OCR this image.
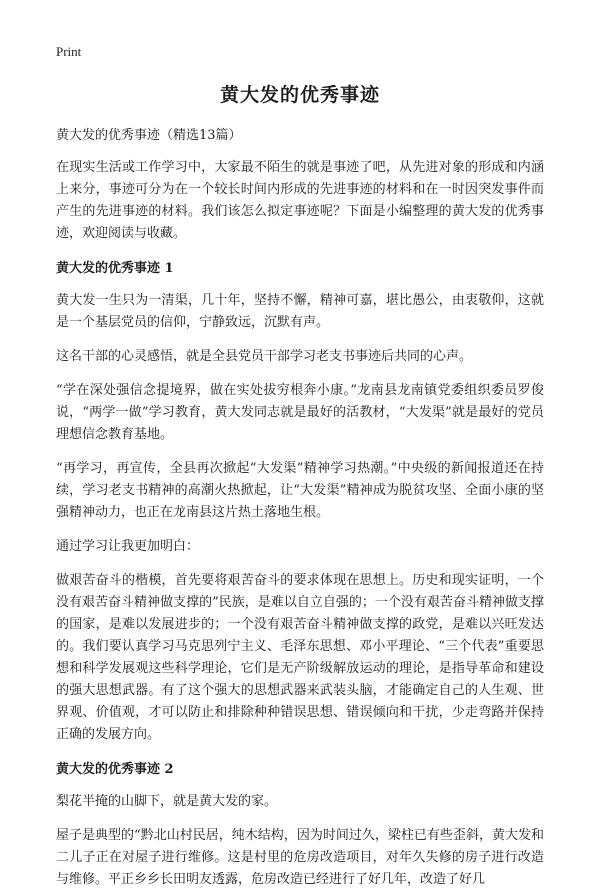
Print
黄大发的优秀事迹
黄大发的优秀事迹（精选13篇）

在现实生活或工作学习中，大家最不陌生的就是事迹了吧，从先进对象的形成和内涵上来分，事迹可分为在一个较长时间内形成的先进事迹的材料和在一时因突发事件而产生的先进事迹的材料。我们该怎么拟定事迹呢？下面是小编整理的黄大发的优秀事迹，欢迎阅读与收藏。

黄大发的优秀事迹 1

黄大发一生只为一清渠，几十年，坚持不懈，精神可嘉，堪比愚公，由衷敬仰，这就是一个基层党员的信仰，宁静致远，沉默有声。

这名干部的心灵感悟，就是全县党员干部学习老支书事迹后共同的心声。

“学在深处强信念提境界，做在实处拔穷根奔小康。”龙南县龙南镇党委组织委员罗俊说，“两学一做”学习教育，黄大发同志就是最好的活教材，“大发渠”就是最好的党员理想信念教育基地。

“再学习，再宣传，全县再次掀起“大发渠”精神学习热潮。”中央级的新闻报道还在持续，学习老支书精神的高潮火热掀起，让“大发渠”精神成为脱贫攻坚、全面小康的坚强精神动力，也正在龙南县这片热土落地生根。

通过学习让我更加明白：

做艰苦奋斗的楷模，首先要将艰苦奋斗的要求体现在思想上。历史和现实证明，一个没有艰苦奋斗精神做支撑的”民族，是难以自立自强的；一个没有艰苦奋斗精神做支撑的国家，是难以发展进步的；一个没有艰苦奋斗精神做支撑的政党，是难以兴旺发达的。我们要认真学习马克思列宁主义、毛泽东思想、邓小平理论、“三个代表”重要思想和科学发展观这些科学理论，它们是无产阶级解放运动的理论，是指导革命和建设的强大思想武器。有了这个强大的思想武器来武装头脑，才能确定自己的人生观、世界观、价值观，才可以防止和排除种种错误思想、错误倾向和干扰，少走弯路并保持正确的发展方向。

黄大发的优秀事迹 2

梨花半掩的山脚下，就是黄大发的家。

屋子是典型的“黔北山村民居，纯木结构，因为时间过久，梁柱已有些歪斜，黄大发和二儿子正在对屋子进行维修。这是村里的危房改造项目，对年久失修的房子进行改造与维修。平正乡乡长田明友透露，危房改造已经进行了好几年，改造了好几
